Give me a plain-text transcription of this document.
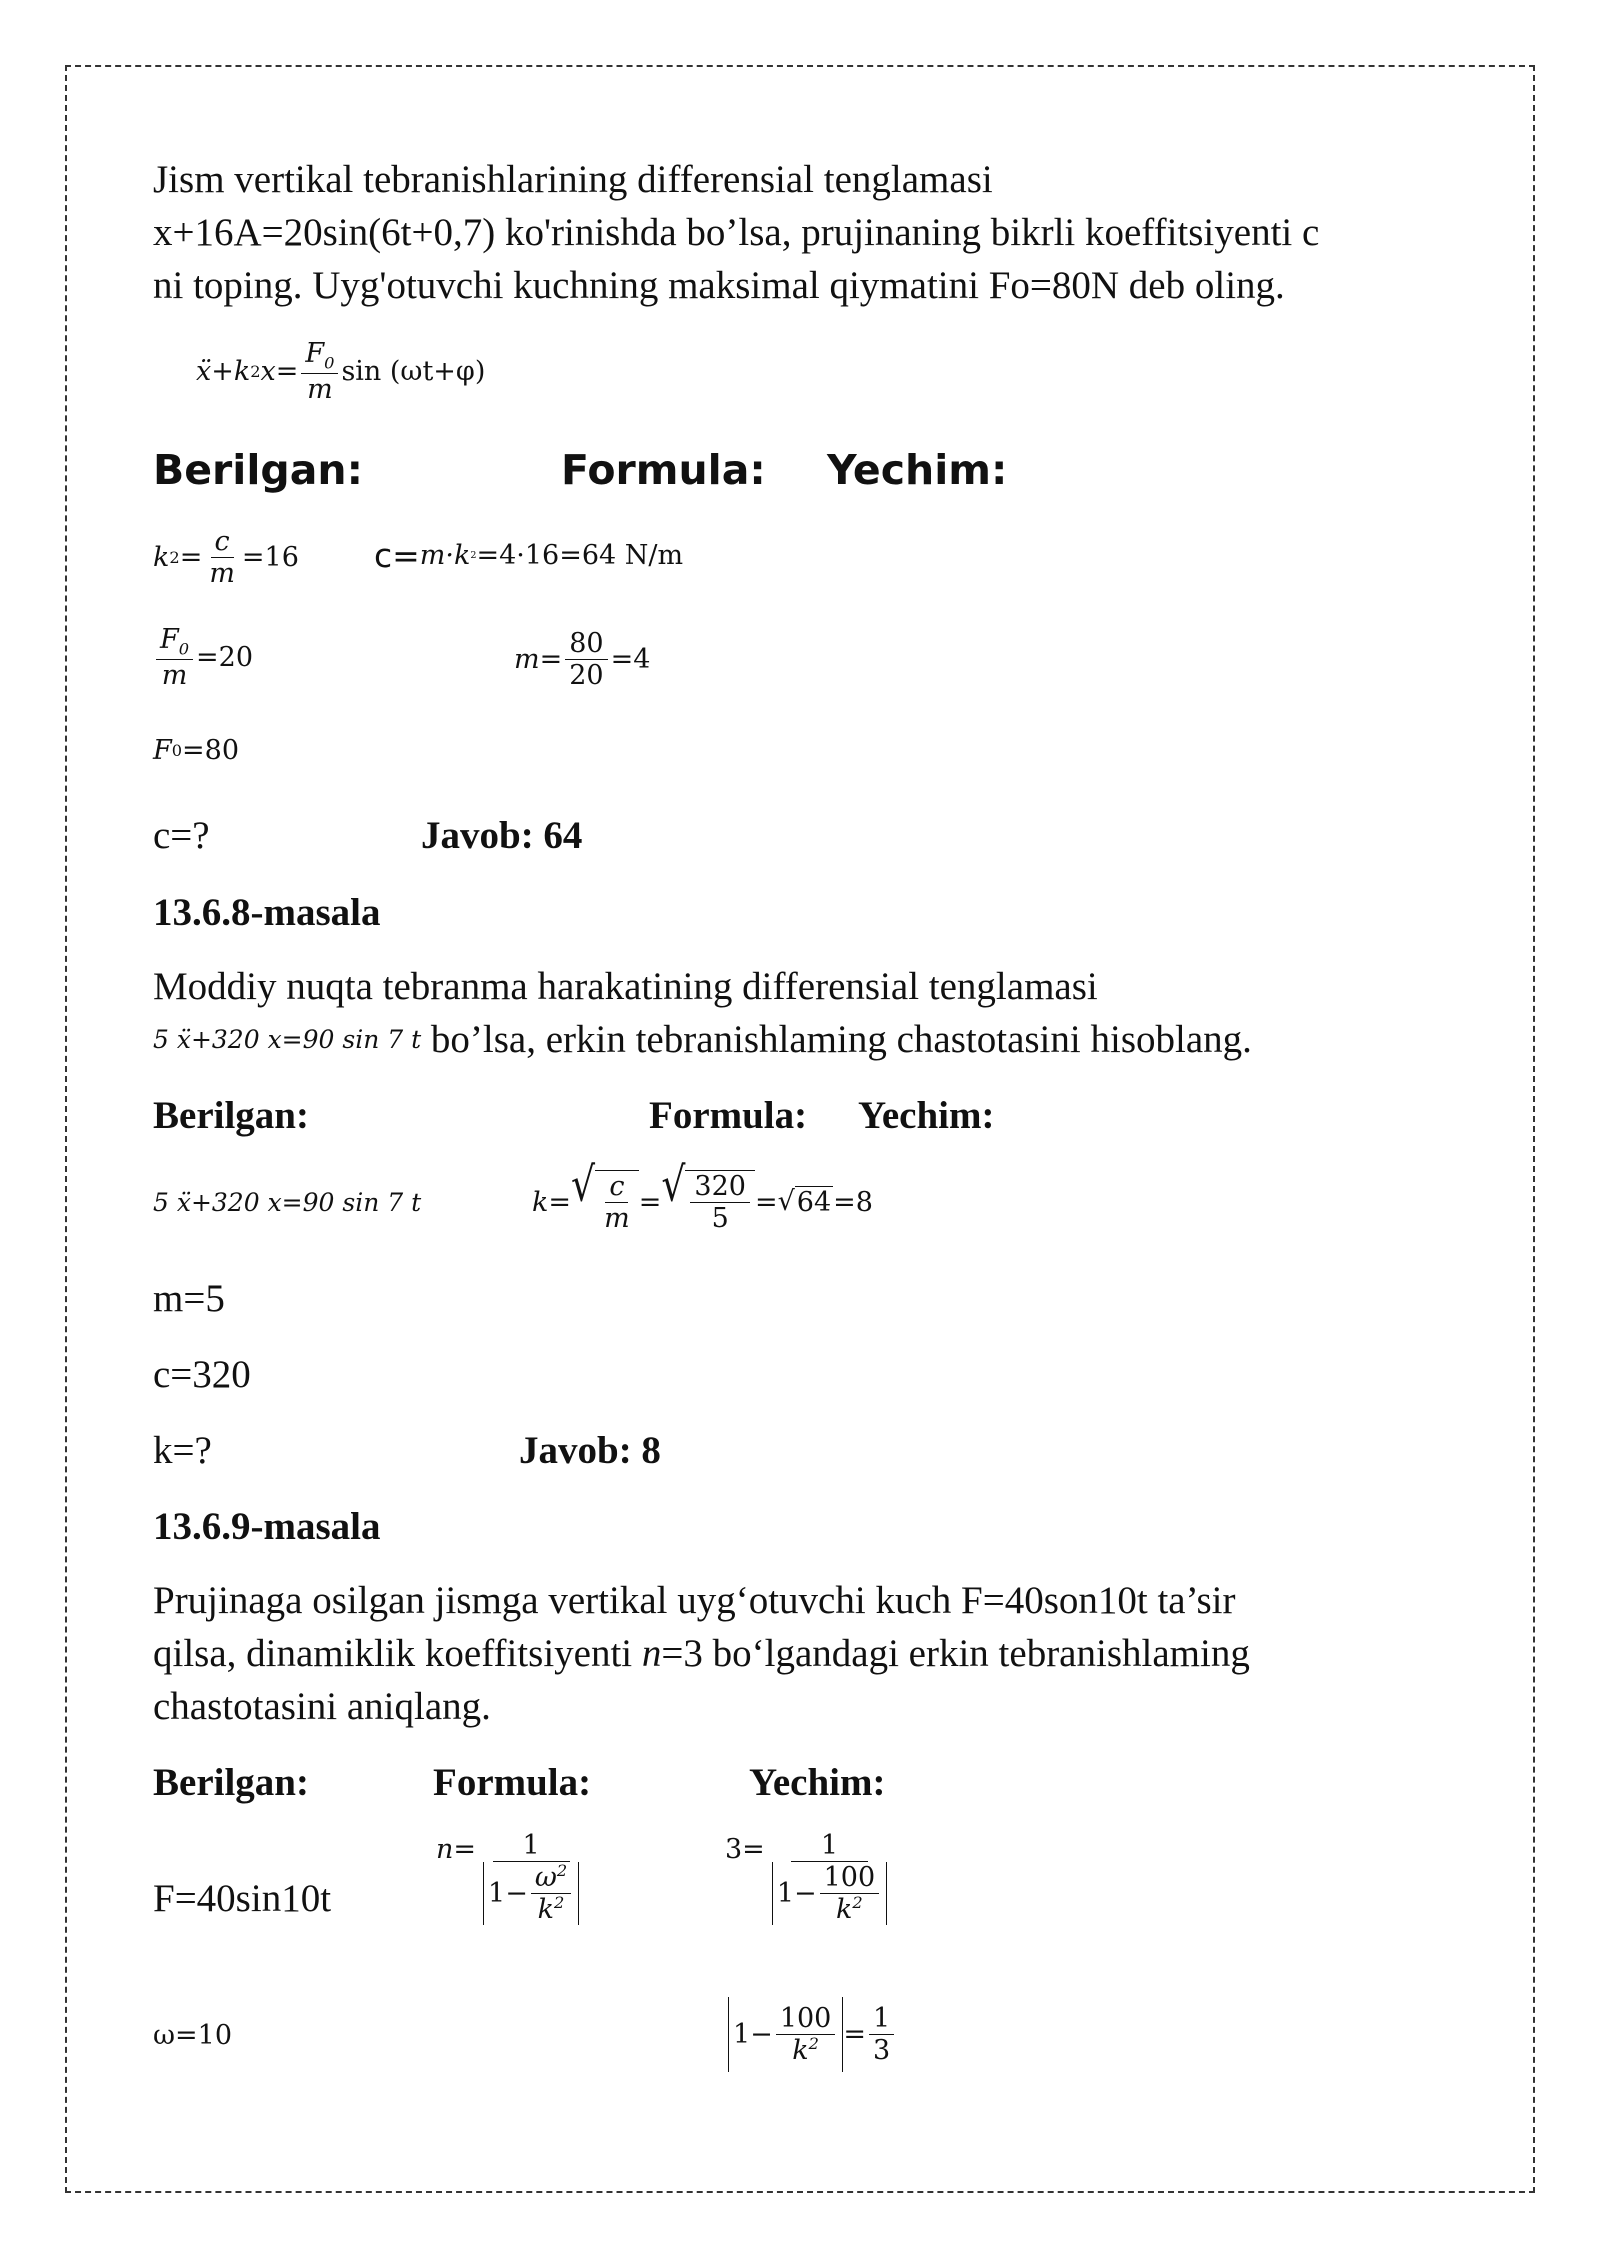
Jism vertikal tebranishlarining differensial tenglamasi
x+16A=20sin(6t+0,7) ko'rinishda bo’lsa, prujinaning bikrli koeffitsiyenti c
ni toping. Uyg'otuvchi kuchning maksimal qiymatini Fo=80N deb oling.
ẍ+k 2 $x= \frac{F_0}{m}$ sin (ωt+φ)
Berilgan:	Formula: Yechim:
k $2 = \frac{c}{m} =16$ c= m·k 2 =4·16=64 N/m
$\frac{F_0}{m} =20$	$m= \frac{80}{20} =4$
F 0 =80
c=?	Javob: 64
13.6.8-masala
Moddiy nuqta tebranma harakatining differensial tenglamasi
5 ẍ+320 x=90 sin 7 t bo’lsa, erkin tebranishlaming chastotasini hisoblang.
Berilgan:	Formula: Yechim:
5 ẍ+320 x=90 sin 7 t	k= √ $\frac{c}{m}$ = √ $\frac{320}{5}$ = √ 64 =8
m=5
c=320
k=?	Javob: 8
13.6.9-masala
Prujinaga osilgan jismga vertikal uyg‘otuvchi kuch F=40son10t ta’sir
qilsa, dinamiklik koeffitsiyenti n=3 bo‘lgandagi erkin tebranishlaming
chastotasini aniqlang.
Berilgan:	Formula:	Yechim:
F=40sin10t
$n= \frac{1}{1- \frac{\omega^2}{k^2}}$	$3= \frac{1}{1- \frac{100}{k^2}}$
ω=10	$1- \frac{100}{k^2} = \frac{1}{3}$
